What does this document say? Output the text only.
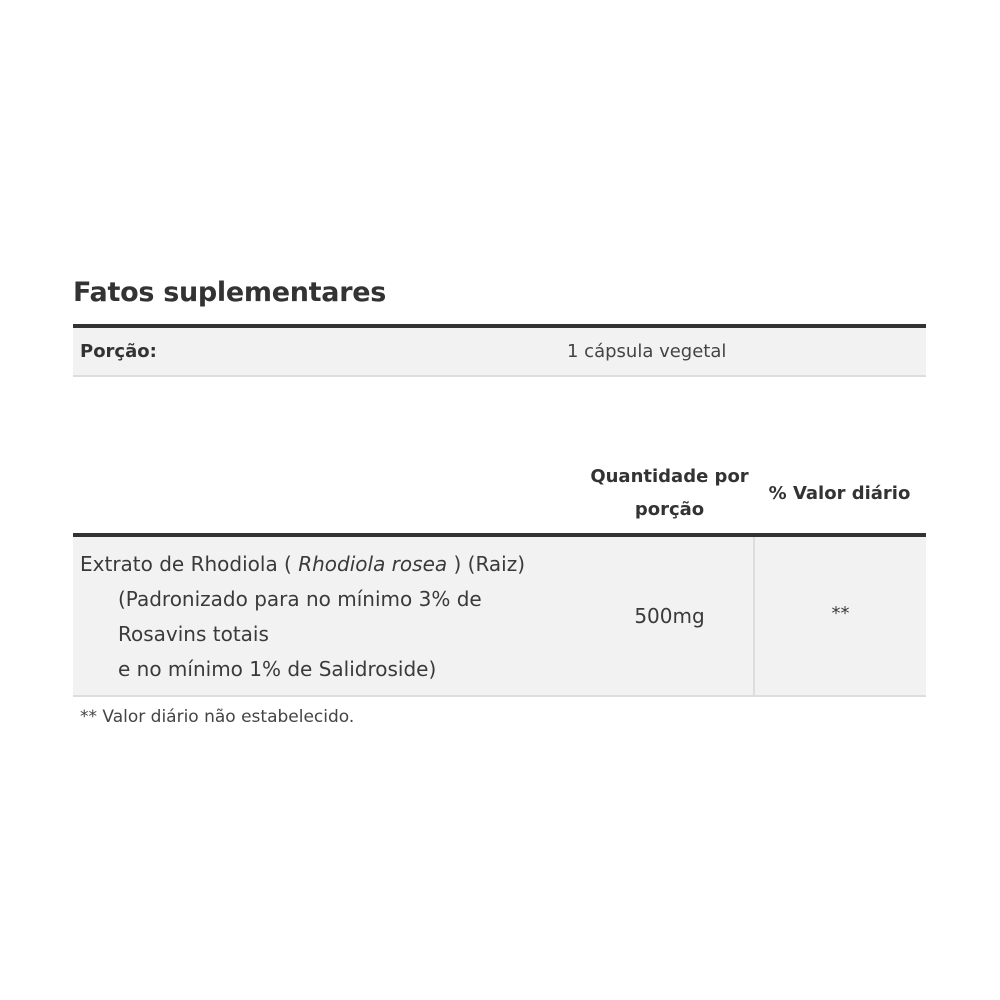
Fatos suplementares
Porção:	1 cápsula vegetal
Quantidade por
porção
% Valor diário
Extrato de Rhodiola ( Rhodiola rosea ) (Raiz)
(Padronizado para no mínimo 3% de
Rosavins totais
e no mínimo 1% de Salidroside)
500mg	**
** Valor diário não estabelecido.
